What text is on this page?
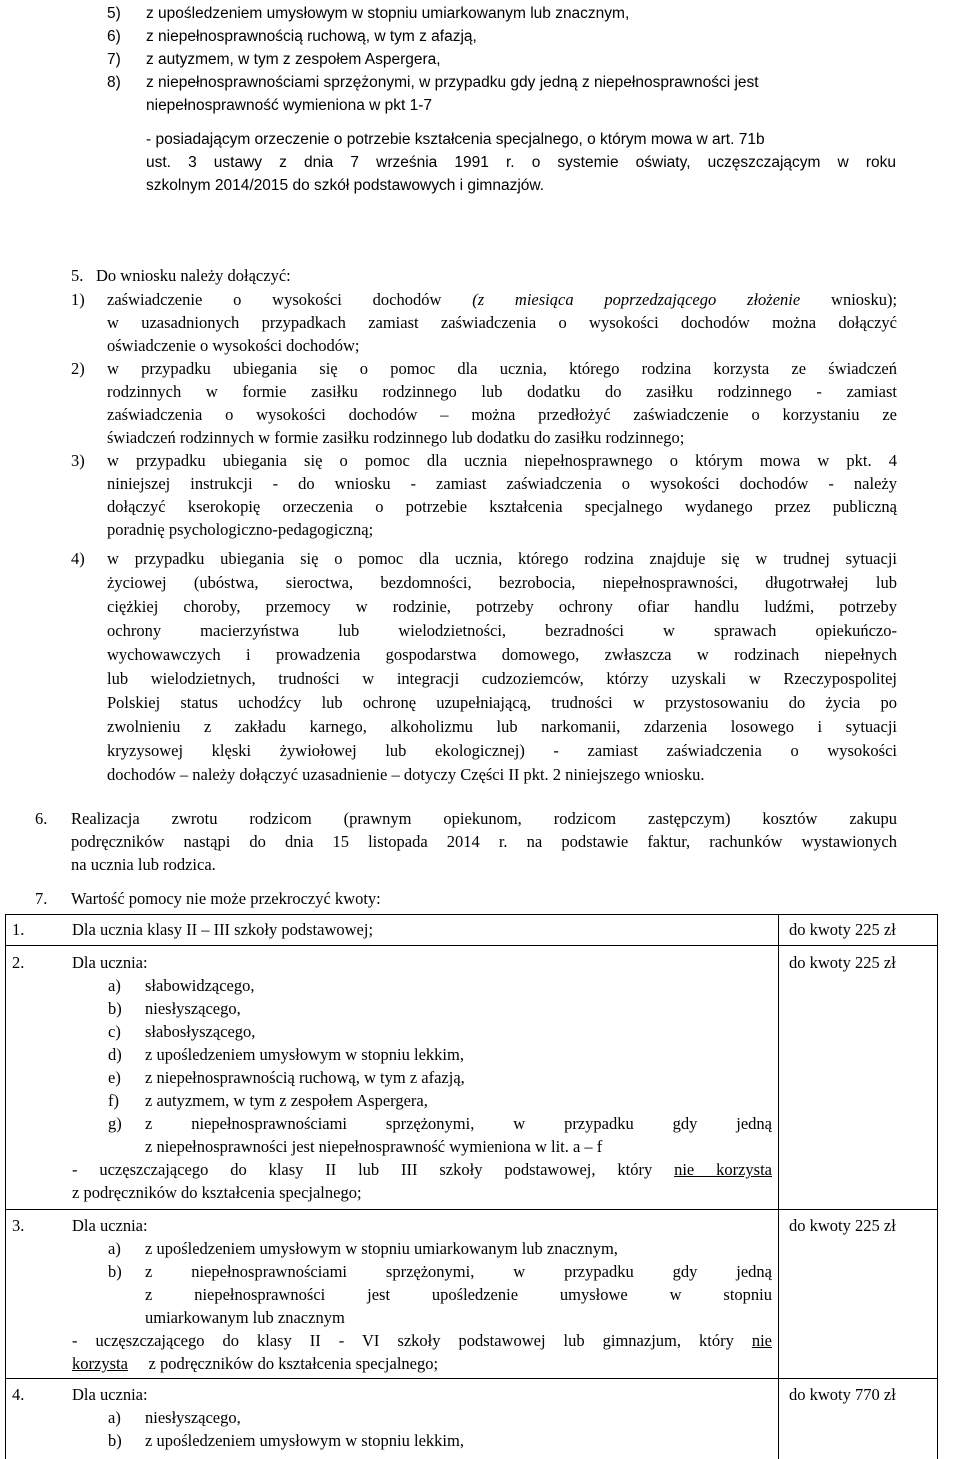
5) z upośledzeniem umysłowym w stopniu umiarkowanym lub znacznym,
6) z niepełnosprawnością ruchową, w tym z afazją,
7) z autyzmem, w tym z zespołem Aspergera,
8) z niepełnosprawnościami sprzężonymi, w przypadku gdy jedną z niepełnosprawności jest
niepełnosprawność wymieniona w pkt 1-7
- posiadającym orzeczenie o potrzebie kształcenia specjalnego, o którym mowa w art. 71b
ust. 3 ustawy z dnia 7 września 1991 r. o systemie oświaty, uczęszczającym w roku
szkolnym 2014/2015 do szkół podstawowych i gimnazjów.
5. Do wniosku należy dołączyć:
1) zaświadczenie o wysokości dochodów (z miesiąca poprzedzającego złożenie wniosku);
w uzasadnionych przypadkach zamiast zaświadczenia o wysokości dochodów można dołączyć
oświadczenie o wysokości dochodów;
2) w przypadku ubiegania się o pomoc dla ucznia, którego rodzina korzysta ze świadczeń
rodzinnych w formie zasiłku rodzinnego lub dodatku do zasiłku rodzinnego - zamiast
zaświadczenia o wysokości dochodów – można przedłożyć zaświadczenie o korzystaniu ze
świadczeń rodzinnych w formie zasiłku rodzinnego lub dodatku do zasiłku rodzinnego;
3) w przypadku ubiegania się o pomoc dla ucznia niepełnosprawnego o którym mowa w pkt. 4
niniejszej instrukcji - do wniosku - zamiast zaświadczenia o wysokości dochodów - należy
dołączyć kserokopię orzeczenia o potrzebie kształcenia specjalnego wydanego przez publiczną
poradnię psychologiczno-pedagogiczną;
4) w przypadku ubiegania się o pomoc dla ucznia, którego rodzina znajduje się w trudnej sytuacji
życiowej (ubóstwa, sieroctwa, bezdomności, bezrobocia, niepełnosprawności, długotrwałej lub
ciężkiej choroby, przemocy w rodzinie, potrzeby ochrony ofiar handlu ludźmi, potrzeby
ochrony macierzyństwa lub wielodzietności, bezradności w sprawach opiekuńczo-
wychowawczych i prowadzenia gospodarstwa domowego, zwłaszcza w rodzinach niepełnych
lub wielodzietnych, trudności w integracji cudzoziemców, którzy uzyskali w Rzeczypospolitej
Polskiej status uchodźcy lub ochronę uzupełniającą, trudności w przystosowaniu do życia po
zwolnieniu z zakładu karnego, alkoholizmu lub narkomanii, zdarzenia losowego i sytuacji
kryzysowej klęski żywiołowej lub ekologicznej) - zamiast zaświadczenia o wysokości
dochodów – należy dołączyć uzasadnienie – dotyczy Części II pkt. 2 niniejszego wniosku.
6. Realizacja zwrotu rodzicom (prawnym opiekunom, rodzicom zastępczym) kosztów zakupu
podręczników nastąpi do dnia 15 listopada 2014 r. na podstawie faktur, rachunków wystawionych
na ucznia lub rodzica.
7. Wartość pomocy nie może przekroczyć kwoty:
1.	Dla ucznia klasy II – III szkoły podstawowej;	do kwoty 225 zł
2.	Dla ucznia:
a) słabowidzącego,
b) niesłyszącego,
c) słabosłyszącego,
d) z upośledzeniem umysłowym w stopniu lekkim,
e) z niepełnosprawnością ruchową, w tym z afazją,
f) z autyzmem, w tym z zespołem Aspergera,
g) z niepełnosprawnościami sprzężonymi, w przypadku gdy jedną
z niepełnosprawności jest niepełnosprawność wymieniona w lit. a – f
- uczęszczającego do klasy II lub III szkoły podstawowej, który nie korzysta
z podręczników do kształcenia specjalnego;
do kwoty 225 zł
3.	Dla ucznia:
a) z upośledzeniem umysłowym w stopniu umiarkowanym lub znacznym,
b) z niepełnosprawnościami sprzężonymi, w przypadku gdy jedną
z niepełnosprawności jest upośledzenie umysłowe w stopniu
umiarkowanym lub znacznym
- uczęszczającego do klasy II - VI szkoły podstawowej lub gimnazjum, który nie
korzysta z podręczników do kształcenia specjalnego;
do kwoty 225 zł
4.	Dla ucznia:
a) niesłyszącego,
b) z upośledzeniem umysłowym w stopniu lekkim,
do kwoty 770 zł
